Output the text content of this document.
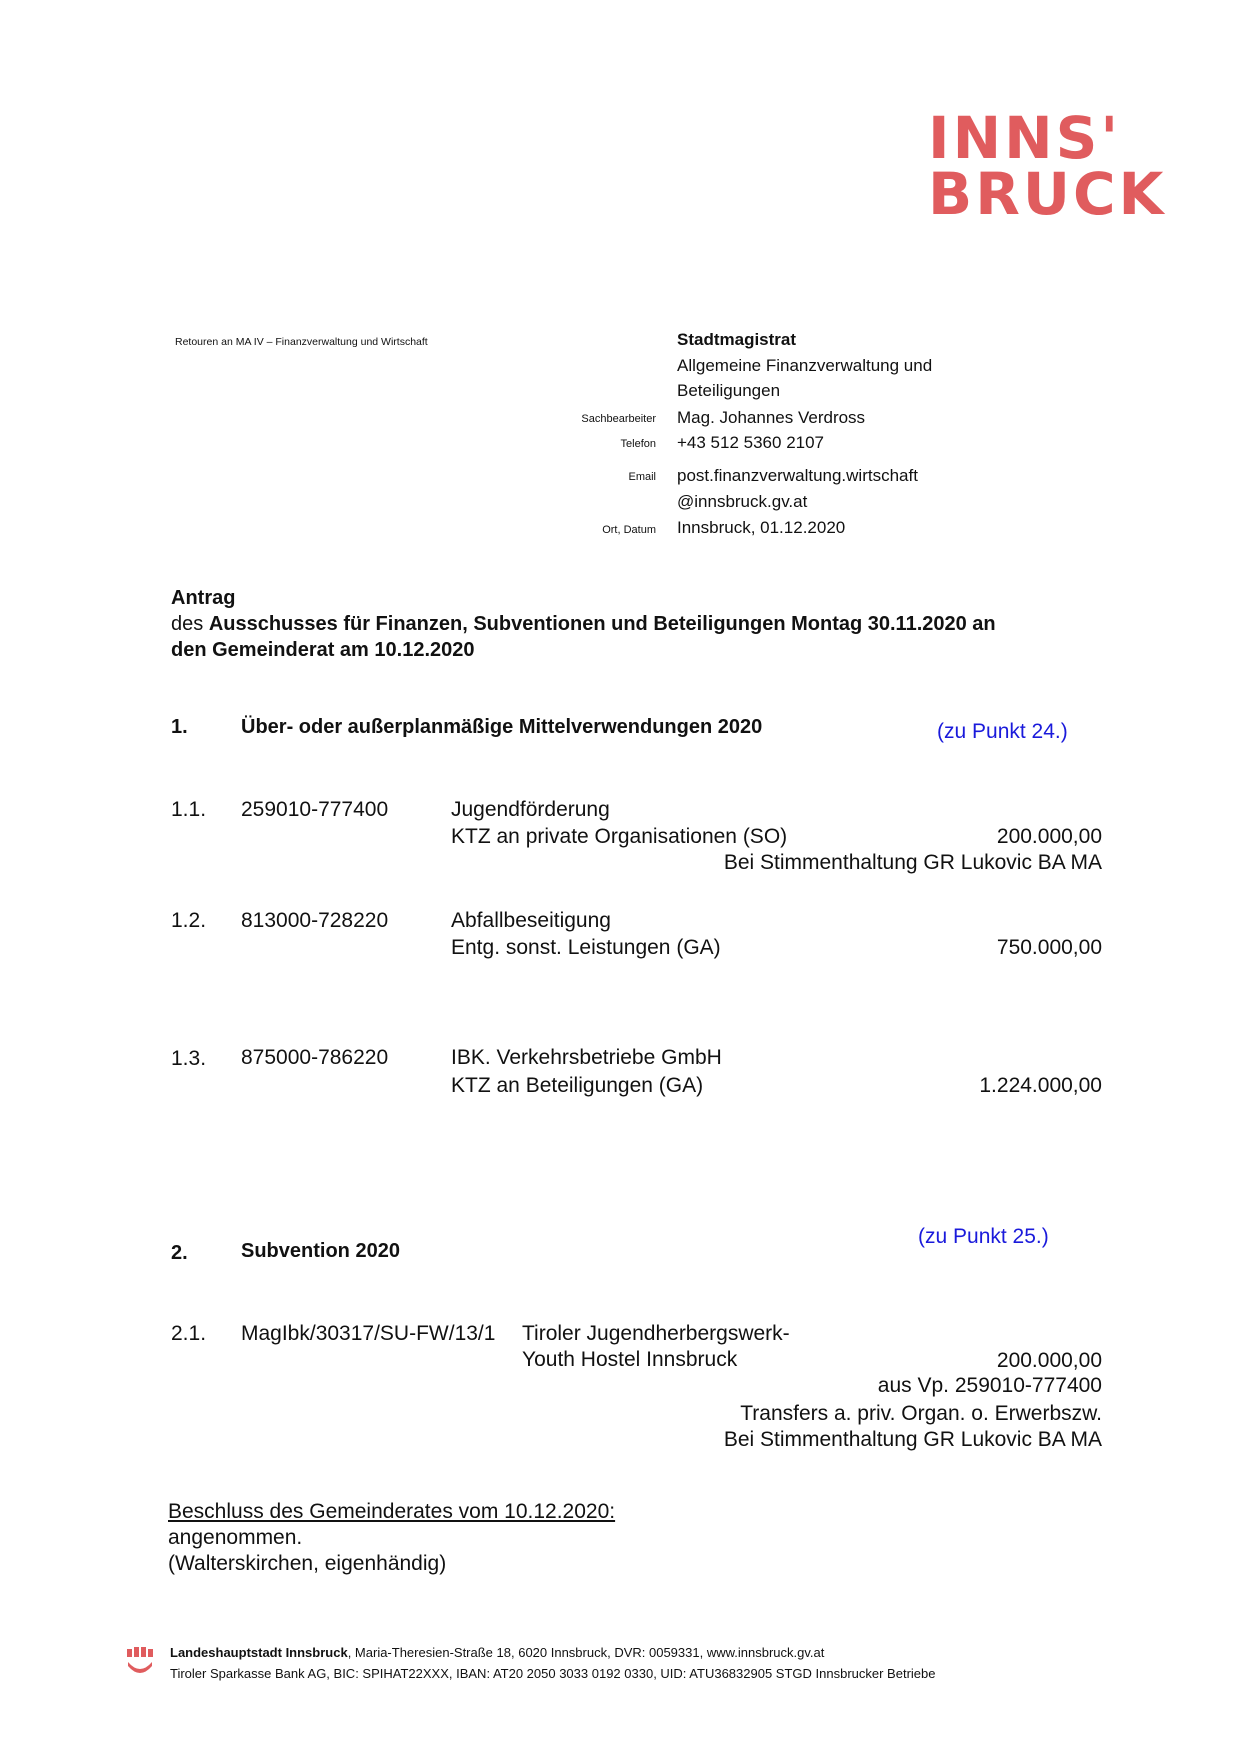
INNS'
BRUCK
Retouren an MA IV – Finanzverwaltung und Wirtschaft	Stadtmagistrat
Allgemeine Finanzverwaltung und
Beteiligungen
Sachbearbeiter Mag. Johannes Verdross
Telefon +43 512 5360 2107
Email post.finanzverwaltung.wirtschaft
@innsbruck.gv.at
Ort, Datum Innsbruck, 01.12.2020
Antrag
des Ausschusses für Finanzen, Subventionen und Beteiligungen Montag 30.11.2020 an
den Gemeinderat am 10.12.2020
1.	Über- oder außerplanmäßige Mittelverwendungen 2020	(zu Punkt 24.)
1.1. 259010-777400	Jugendförderung
KTZ an private Organisationen (SO)	200.000,00
Bei Stimmenthaltung GR Lukovic BA MA
1.2. 813000-728220	Abfallbeseitigung
Entg. sonst. Leistungen (GA)	750.000,00
1.3. 875000-786220	IBK. Verkehrsbetriebe GmbH
KTZ an Beteiligungen (GA)	1.224.000,00
(zu Punkt 25.)
2.	Subvention 2020
2.1. MagIbk/30317/SU-FW/13/1 Tiroler Jugendherbergswerk-
Youth Hostel Innsbruck	200.000,00
aus Vp. 259010-777400
Transfers a. priv. Organ. o. Erwerbszw.
Bei Stimmenthaltung GR Lukovic BA MA
Beschluss des Gemeinderates vom 10.12.2020:
angenommen.
(Walterskirchen, eigenhändig)
Landeshauptstadt Innsbruck, Maria-Theresien-Straße 18, 6020 Innsbruck, DVR: 0059331, www.innsbruck.gv.at
Tiroler Sparkasse Bank AG, BIC: SPIHAT22XXX, IBAN: AT20 2050 3033 0192 0330, UID: ATU36832905 STGD Innsbrucker Betriebe
